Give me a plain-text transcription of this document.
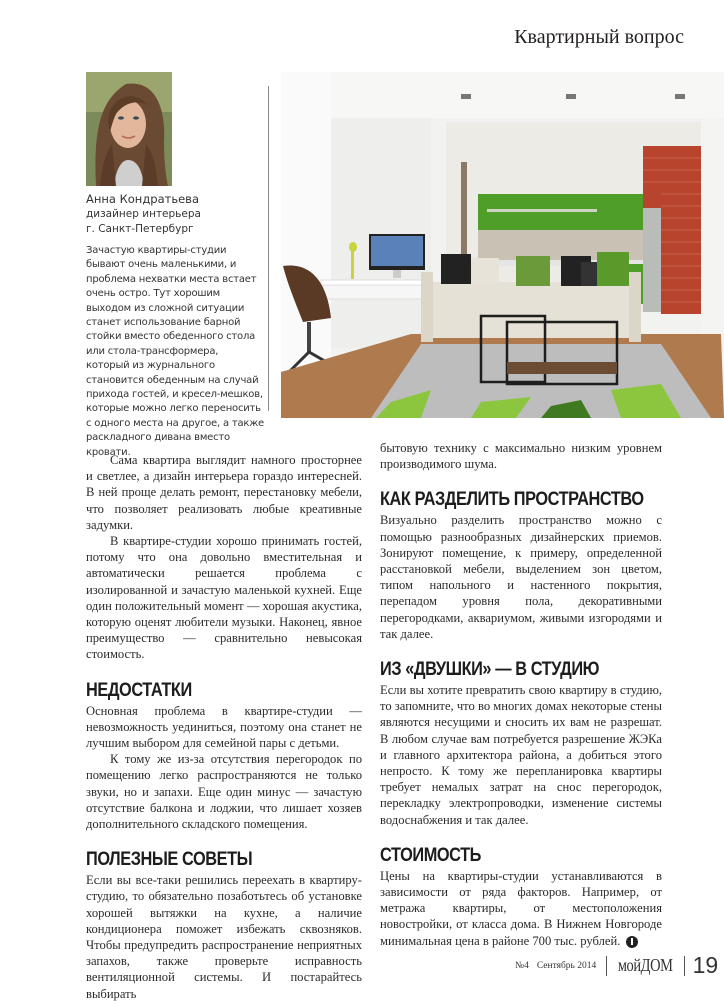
Квартирный вопрос
Анна Кондратьева
дизайнер интерьера
г. Санкт-Петербург
Зачастую квартиры-студии бывают очень маленькими, и проблема нехватки места встает очень остро. Тут хорошим выходом из сложной ситуации станет использование барной стойки вместо обеденного стола или стола-трансформера, который из журнального становится обеденным на случай прихода гостей, и кресел-мешков, которые можно легко переносить с одного места на другое, а также раскладного дивана вместо кровати.

Сама квартира выглядит намного просторнее и светлее, а дизайн интерьера гораздо интересней. В ней проще делать ремонт, перестановку мебели, что позволяет реализовать любые креативные задумки.

В квартире-студии хорошо принимать гостей, потому что она довольно вместительная и автоматически решается проблема с изолированной и зачастую маленькой кухней. Еще один положительный момент — хорошая акустика, которую оценят любители музыки. Наконец, явное преимущество — сравнительно невысокая стоимость.

НЕДОСТАТКИ

Основная проблема в квартире-студии — невозможность уединиться, поэтому она станет не лучшим выбором для семейной пары с детьми.

К тому же из-за отсутствия перегородок по помещению легко распространяются не только звуки, но и запахи. Еще один минус — зачастую отсутствие балкона и лоджии, что лишает хозяев дополнительного складского помещения.

ПОЛЕЗНЫЕ СОВЕТЫ

Если вы все-таки решились переехать в квартиру-студию, то обязательно позаботьтесь об установке хорошей вытяжки на кухне, а наличие кондиционера поможет избежать сквозняков. Чтобы предупредить распространение неприятных запахов, также проверьте исправность вентиляционной системы. И постарайтесь выбирать

бытовую технику с максимально низким уровнем производимого шума.

КАК РАЗДЕЛИТЬ ПРОСТРАНСТВО

Визуально разделить пространство можно с помощью разнообразных дизайнерских приемов. Зонируют помещение, к примеру, определенной расстановкой мебели, выделением зон цветом, типом напольного и настенного покрытия, перепадом уровня пола, декоративными перегородками, аквариумом, живыми изгородями и так далее.

ИЗ «ДВУШКИ» — В СТУДИЮ

Если вы хотите превратить свою квартиру в студию, то запомните, что во многих домах некоторые стены являются несущими и сносить их вам не разрешат. В любом случае вам потребуется разрешение ЖЭКа и главного архитектора района, а добиться этого непросто. К тому же перепланировка квартиры требует немалых затрат на снос перегородок, перекладку электропроводки, изменение системы водоснабжения и так далее.

СТОИМОСТЬ

Цены на квартиры-студии устанавливаются в зависимости от ряда факторов. Например, от метража квартиры, от местоположения новостройки, от класса дома. В Нижнем Новгороде минимальная цена в районе 700 тыс. рублей.

№4 Сентябрь 2014 мойДОМ 19
